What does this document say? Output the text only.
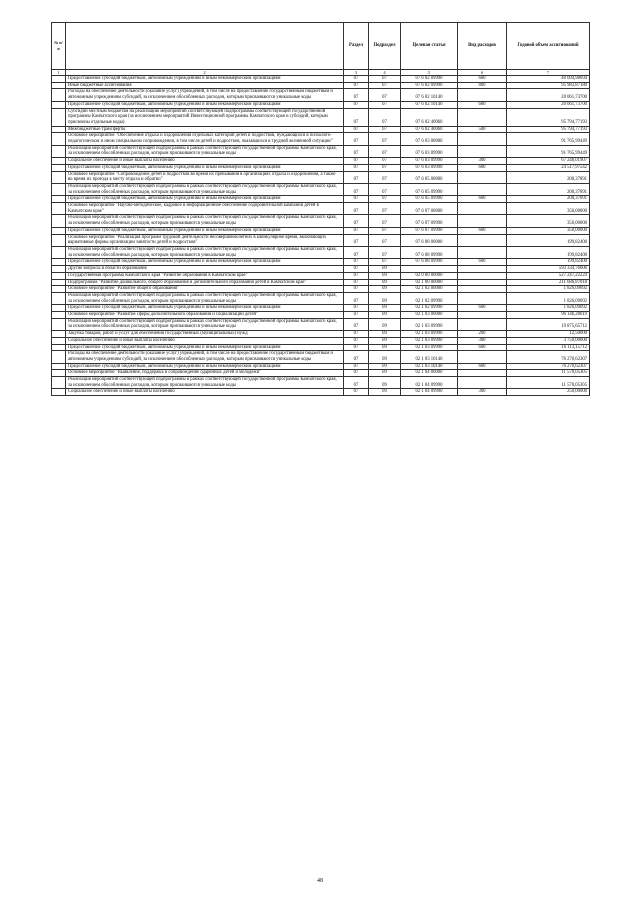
№ п/п		Раздел	Подраздел	Целевая статья	Вид расходов	Годовой объем ассигнований
1	2	3	4	5	6	7
	Предоставление субсидий бюджетным, автономным учреждениям и иным некоммерческим организациям	07	07	07 6 02 09990	600	40 094,98694
	Иные бюджетные ассигнования	07	07	07 6 02 09990	800	95 983,87180
	Расходы на обеспечение деятельности (оказание услуг) учреждений, в том числе на предоставление государственным бюджетным и автономным учреждениям субсидий, за исключением обособленных расходов, которым присваиваются уникальные коды	07	07	07 6 02 10140		20 061,73700
	Предоставление субсидий бюджетным, автономным учреждениям и иным некоммерческим организациям	07	07	07 6 02 10140	600	20 061,73700
	Субсидии местным бюджетам на реализацию мероприятий соответствующей подпрограммы соответствующей государственной программы Камчатского края (за исключением мероприятий Инвестиционной программы Камчатского края и субсидий, которым присвоены отдельные коды)	07	07	07 6 02 40060		95 794,77193
	Межбюджетные трансферты	07	07	07 6 02 40060	500	95 794,77193
	Основное мероприятие "Обеспечение отдыха и оздоровления отдельных категорий детей и подростков, нуждающихся в психолого-педагогическом и ином специальном сопровождении, в том числе детей и подростков, оказавшихся в трудной жизненной ситуации"	07	07	07 6 03 00000		91 765,99449
	Реализация мероприятий соответствующей подпрограммы в рамках соответствующей государственной программы Камчатского края, за исключением обособленных расходов, которым присваиваются уникальные коды	07	07	07 6 03 09990		91 765,99449
	Социальное обеспечение и иные выплаты населению	07	07	07 6 03 09990	300	67 248,01907
	Предоставление субсидий бюджетным, автономным учреждениям и иным некоммерческим организациям	07	07	07 6 03 09990	600	24 517,97542
	Основное мероприятие "Сопровождение детей и подростков во время их пребывания в организациях отдыха и оздоровления, а также во время их проезда к месту отдыха и обратно"	07	07	07 6 05 00000		200,37891
	Реализация мероприятий соответствующей подпрограммы в рамках соответствующей государственной программы Камчатского края, за исключением обособленных расходов, которым присваиваются уникальные коды	07	07	07 6 05 09990		200,37891
	Предоставление субсидий бюджетным, автономным учреждениям и иным некоммерческим организациям	07	07	07 6 05 09990	600	200,37891
	Основное мероприятие "Научно-методическое, кадровое и информационное обеспечение оздоровительной кампании детей в Камчатском крае"	07	07	07 6 07 00000		350,00000
	Реализация мероприятий соответствующей подпрограммы в рамках соответствующей государственной программы Камчатского края, за исключением обособленных расходов, которым присваиваются уникальные коды	07	07	07 6 07 09990		350,00000
	Предоставление субсидий бюджетным, автономным учреждениям и иным некоммерческим организациям	07	07	07 6 07 09990	600	350,00000
	Основное мероприятие "Реализация программ трудовой деятельности несовершеннолетних в каникулярное время, включающих вариативные формы организации занятости детей и подростков"	07	07	07 6 08 00000		199,82400
	Реализация мероприятий соответствующей подпрограммы в рамках соответствующей государственной программы Камчатского края, за исключением обособленных расходов, которым присваиваются уникальные коды	07	07	07 6 08 09990		199,82400
	Предоставление субсидий бюджетным, автономным учреждениям и иным некоммерческим организациям	07	07	07 6 08 09990	600	199,82400
	Другие вопросы в области образования	07	09			593 334,76606
	Государственная программа Камчатского края "Развитие образования в Камчатском крае"	07	09	02 0 00 00000		527 247,22224
	Подпрограмма "Развитие дошкольного, общего образования и дополнительного образования детей в Камчатском крае"	07	09	02 1 00 00000		211 686,87018
	Основное мероприятие "Развитие общего образования"	07	09	02 1 02 00000		1 826,09092
	Реализация мероприятий соответствующей подпрограммы в рамках соответствующей государственной программы Камчатского края, за исключением обособленных расходов, которым присваиваются уникальные коды	07	09	02 1 02 09990		1 826,09092
	Предоставление субсидий бюджетным, автономным учреждениям и иным некоммерческим организациям	07	09	02 1 02 09990	600	1 826,09092
	Основное мероприятие "Развитие сферы дополнительного образования и социализации детей"	07	09	02 1 03 00000		96 146,28019
	Реализация мероприятий соответствующей подпрограммы в рамках соответствующей государственной программы Камчатского края, за исключением обособленных расходов, которым присваиваются уникальные коды	07	09	02 1 03 09990		19 875,65712
	Закупка товаров, работ и услуг для обеспечения государственных (муниципальных) нужд	07	09	02 1 03 09990	200	12,50000
	Социальное обеспечение и иные выплаты населению	07	09	02 1 03 09990	300	3 750,00000
	Предоставление субсидий бюджетным, автономным учреждениям и иным некоммерческим организациям	07	09	02 1 03 09990	600	16 113,15712
	Расходы на обеспечение деятельности (оказание услуг) учреждений, в том числе на предоставление государственным бюджетным и автономным учреждениям субсидий, за исключением обособленных расходов, которым присваиваются уникальные коды	07	09	02 1 03 10140		76 270,62307
	Предоставление субсидий бюджетным, автономным учреждениям и иным некоммерческим организациям	07	09	02 1 03 10140	600	76 270,62307
	Основное мероприятие "Выявление, поддержка и сопровождение одаренных детей и молодежи"	07	09	02 1 04 00000		11 570,05305
	Реализация мероприятий соответствующей подпрограммы в рамках соответствующей государственной программы Камчатского края, за исключением обособленных расходов, которым присваиваются уникальные коды	07	09	02 1 04 09990		11 570,05305
	Социальное обеспечение и иные выплаты населению	07	09	02 1 04 09990	300	250,00000
48
